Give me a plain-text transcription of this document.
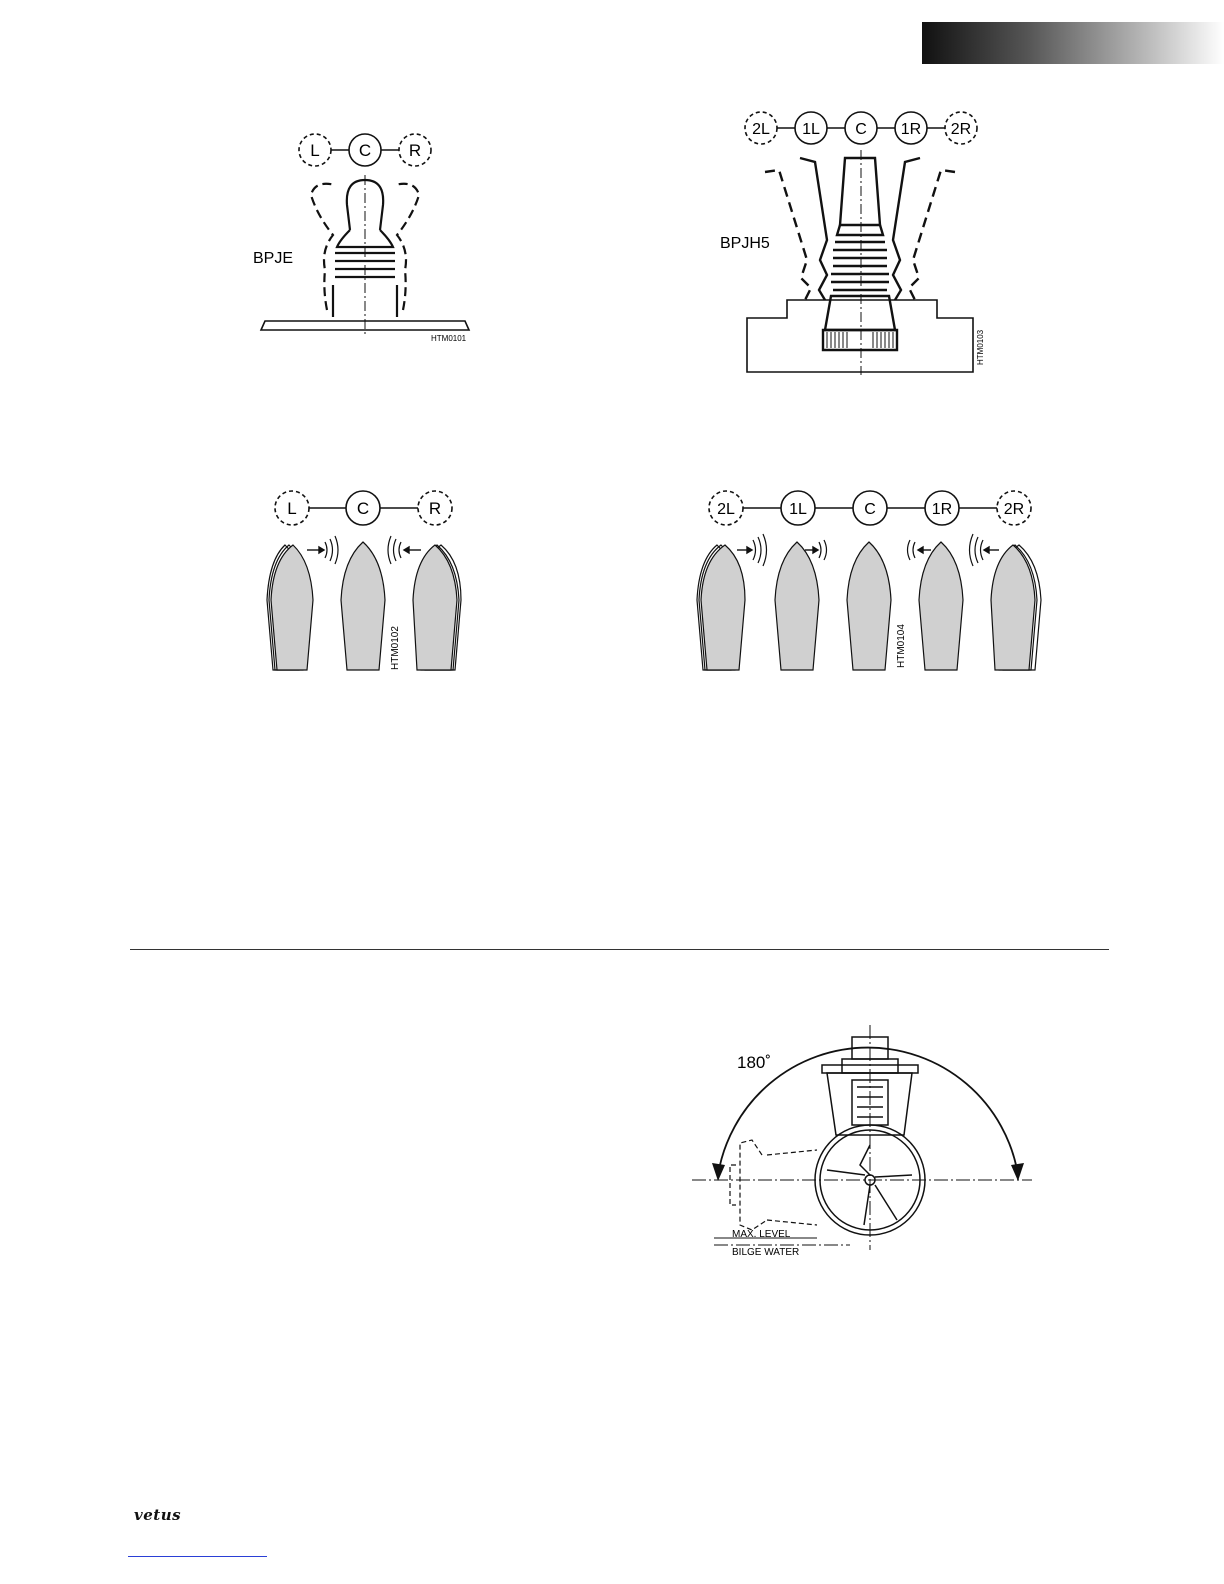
L C R
BPJE
HTM0101
2L 1L C 1R 2R
BPJH5
HTM0103
L	C	R
HTM0102
2L	1L	C	1R	2R
HTM0104
180˚
MAX. LEVEL
BILGE WATER
vetus
